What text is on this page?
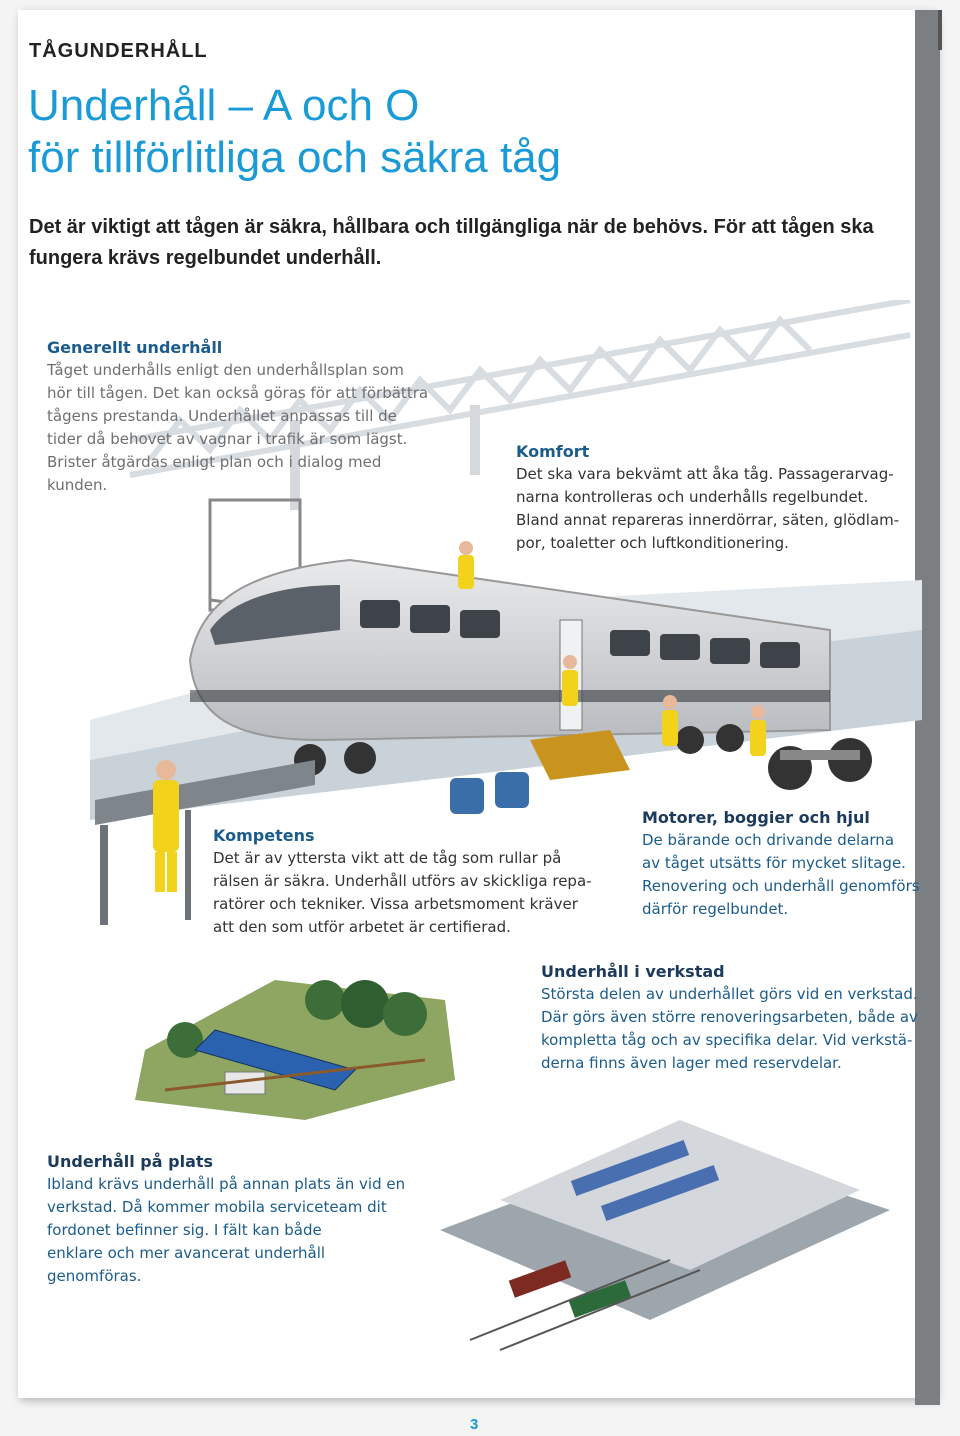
TÅGUNDERHÅLL
Underhåll – A och O
för tillförlitliga och säkra tåg
Det är viktigt att tågen är säkra, hållbara och tillgängliga när de behövs. För att tågen ska fungera krävs regelbundet underhåll.
Generellt underhåll
Tåget underhålls enligt den underhållsplan som
hör till tågen. Det kan också göras för att förbättra
tågens prestanda. Underhållet anpassas till de
tider då behovet av vagnar i trafik är som lägst.
Brister åtgärdas enligt plan och i dialog med
kunden.
Komfort
Det ska vara bekvämt att åka tåg. Passagerarvag-
narna kontrolleras och underhålls regelbundet.
Bland annat repareras innerdörrar, säten, glödlam-
por, toaletter och luftkonditionering.
Kompetens
Det är av yttersta vikt att de tåg som rullar på
rälsen är säkra. Underhåll utförs av skickliga repa-
ratörer och tekniker. Vissa arbetsmoment kräver
att den som utför arbetet är certifierad.
Motorer, boggier och hjul
De bärande och drivande delarna
av tåget utsätts för mycket slitage.
Renovering och underhåll genomförs
därför regelbundet.
Underhåll i verkstad
Största delen av underhållet görs vid en verkstad.
Där görs även större renoveringsarbeten, både av
kompletta tåg och av specifika delar. Vid verkstä-
derna finns även lager med reservdelar.
Underhåll på plats
Ibland krävs underhåll på annan plats än vid en
verkstad. Då kommer mobila serviceteam dit
fordonet befinner sig. I fält kan både
enklare och mer avancerat underhåll
genomföras.
3
